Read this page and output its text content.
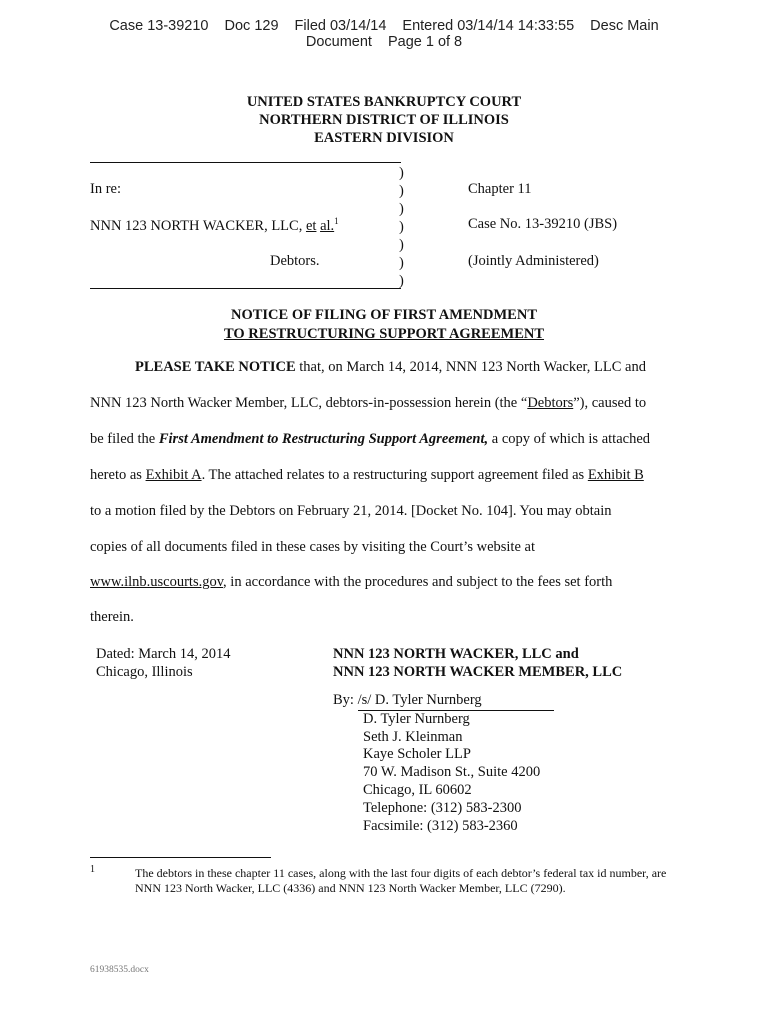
Case 13-39210 Doc 129 Filed 03/14/14 Entered 03/14/14 14:33:55 Desc Main
Document Page 1 of 8
UNITED STATES BANKRUPTCY COURT
NORTHERN DISTRICT OF ILLINOIS
EASTERN DIVISION
)
)
)
)
)
)
)
In re:
NNN 123 NORTH WACKER, LLC, et al.$^1$
Debtors.
Chapter 11
Case No. 13-39210 (JBS)
(Jointly Administered)
NOTICE OF FILING OF FIRST AMENDMENT
TO RESTRUCTURING SUPPORT AGREEMENT
PLEASE TAKE NOTICE that, on March 14, 2014, NNN 123 North Wacker, LLC and
NNN 123 North Wacker Member, LLC, debtors-in-possession herein (the “Debtors”), caused to
be filed the First Amendment to Restructuring Support Agreement, a copy of which is attached
hereto as Exhibit A. The attached relates to a restructuring support agreement filed as Exhibit B
to a motion filed by the Debtors on February 21, 2014. [Docket No. 104]. You may obtain
copies of all documents filed in these cases by visiting the Court’s website at
www.ilnb.uscourts.gov, in accordance with the procedures and subject to the fees set forth
therein.
Dated: March 14, 2014
Chicago, Illinois
NNN 123 NORTH WACKER, LLC and
NNN 123 NORTH WACKER MEMBER, LLC
By: /s/ D. Tyler Nurnberg
D. Tyler Nurnberg
Seth J. Kleinman
Kaye Scholer LLP
70 W. Madison St., Suite 4200
Chicago, IL 60602
Telephone: (312) 583-2300
Facsimile: (312) 583-2360
1	The debtors in these chapter 11 cases, along with the last four digits of each debtor’s federal tax id number, are NNN 123 North Wacker, LLC (4336) and NNN 123 North Wacker Member, LLC (7290).
61938535.docx
